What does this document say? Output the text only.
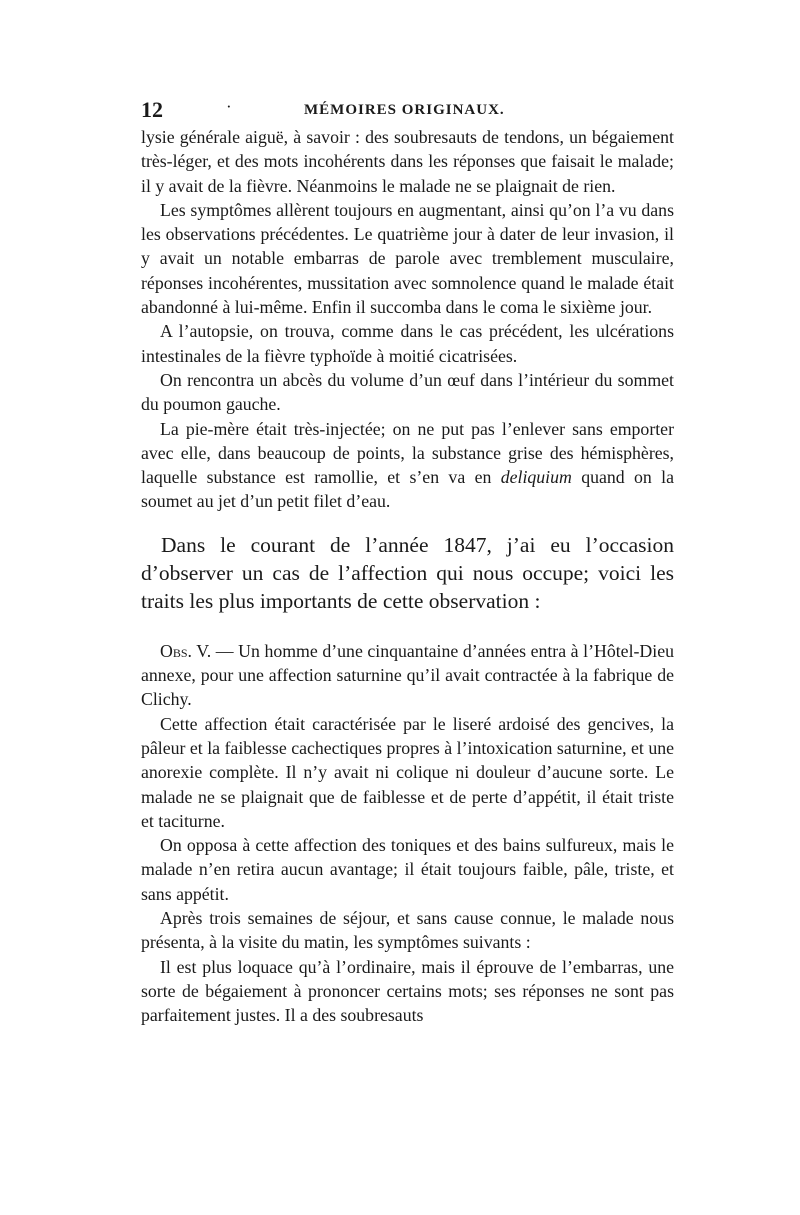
12	·	MÉMOIRES ORIGINAUX.

lysie générale aiguë, à savoir : des soubresauts de tendons, un bégaiement très-léger, et des mots incohérents dans les réponses que faisait le malade; il y avait de la fièvre. Néanmoins le malade ne se plaignait de rien.

Les symptômes allèrent toujours en augmentant, ainsi qu’on l’a vu dans les observations précédentes. Le quatrième jour à dater de leur invasion, il y avait un notable embarras de parole avec tremblement musculaire, réponses incohérentes, mussitation avec somnolence quand le malade était abandonné à lui-même. Enfin il succomba dans le coma le sixième jour.

A l’autopsie, on trouva, comme dans le cas précédent, les ulcérations intestinales de la fièvre typhoïde à moitié cicatrisées.

On rencontra un abcès du volume d’un œuf dans l’intérieur du sommet du poumon gauche.

La pie-mère était très-injectée; on ne put pas l’enlever sans emporter avec elle, dans beaucoup de points, la substance grise des hémisphères, laquelle substance est ramollie, et s’en va en deliquium quand on la soumet au jet d’un petit filet d’eau.

Dans le courant de l’année 1847, j’ai eu l’occasion d’observer un cas de l’affection qui nous occupe; voici les traits les plus importants de cette observation :

Obs. V. — Un homme d’une cinquantaine d’années entra à l’Hôtel-Dieu annexe, pour une affection saturnine qu’il avait contractée à la fabrique de Clichy.

Cette affection était caractérisée par le liseré ardoisé des gencives, la pâleur et la faiblesse cachectiques propres à l’intoxication saturnine, et une anorexie complète. Il n’y avait ni colique ni douleur d’aucune sorte. Le malade ne se plaignait que de faiblesse et de perte d’appétit, il était triste et taciturne.

On opposa à cette affection des toniques et des bains sulfureux, mais le malade n’en retira aucun avantage; il était toujours faible, pâle, triste, et sans appétit.

Après trois semaines de séjour, et sans cause connue, le malade nous présenta, à la visite du matin, les symptômes suivants :

Il est plus loquace qu’à l’ordinaire, mais il éprouve de l’embarras, une sorte de bégaiement à prononcer certains mots; ses réponses ne sont pas parfaitement justes. Il a des soubresauts
